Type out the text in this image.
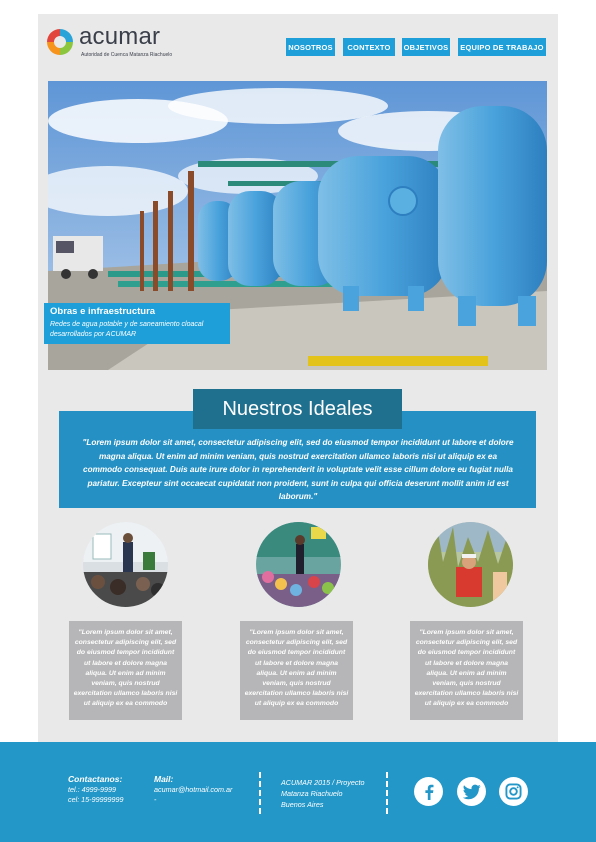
acumar
Autoridad de Cuenca Matanza Riachuelo
NOSOTROS	CONTEXTO	OBJETIVOS	EQUIPO DE TRABAJO
Obras e infraestructura
Redes de agua potable y de saneamiento cloacal desarrollados por ACUMAR
Nuestros Ideales
"Lorem ipsum dolor sit amet, consectetur adipiscing elit, sed do eiusmod tempor incididunt ut labore et dolore magna aliqua. Ut enim ad minim veniam, quis nostrud exercitation ullamco laboris nisi ut aliquip ex ea commodo consequat. Duis aute irure dolor in reprehenderit in voluptate velit esse cillum dolore eu fugiat nulla pariatur. Excepteur sint occaecat cupidatat non proident, sunt in culpa qui officia deserunt mollit anim id est laborum."
"Lorem ipsum dolor sit amet, consectetur adipiscing elit, sed do eiusmod tempor incididunt ut labore et dolore magna aliqua. Ut enim ad minim veniam, quis nostrud exercitation ullamco laboris nisi ut aliquip ex ea commodo
"Lorem ipsum dolor sit amet, consectetur adipiscing elit, sed do eiusmod tempor incididunt ut labore et dolore magna aliqua. Ut enim ad minim veniam, quis nostrud exercitation ullamco laboris nisi ut aliquip ex ea commodo
"Lorem ipsum dolor sit amet, consectetur adipiscing elit, sed do eiusmod tempor incididunt ut labore et dolore magna aliqua. Ut enim ad minim veniam, quis nostrud exercitation ullamco laboris nisi ut aliquip ex ea commodo
Contactanos:
tel.: 4999-9999
cel: 15-99999999
Mail:
acumar@hotmail.com.ar
-
ACUMAR 2015 / Proyecto
Matanza Riachuelo
Buenos Aires
